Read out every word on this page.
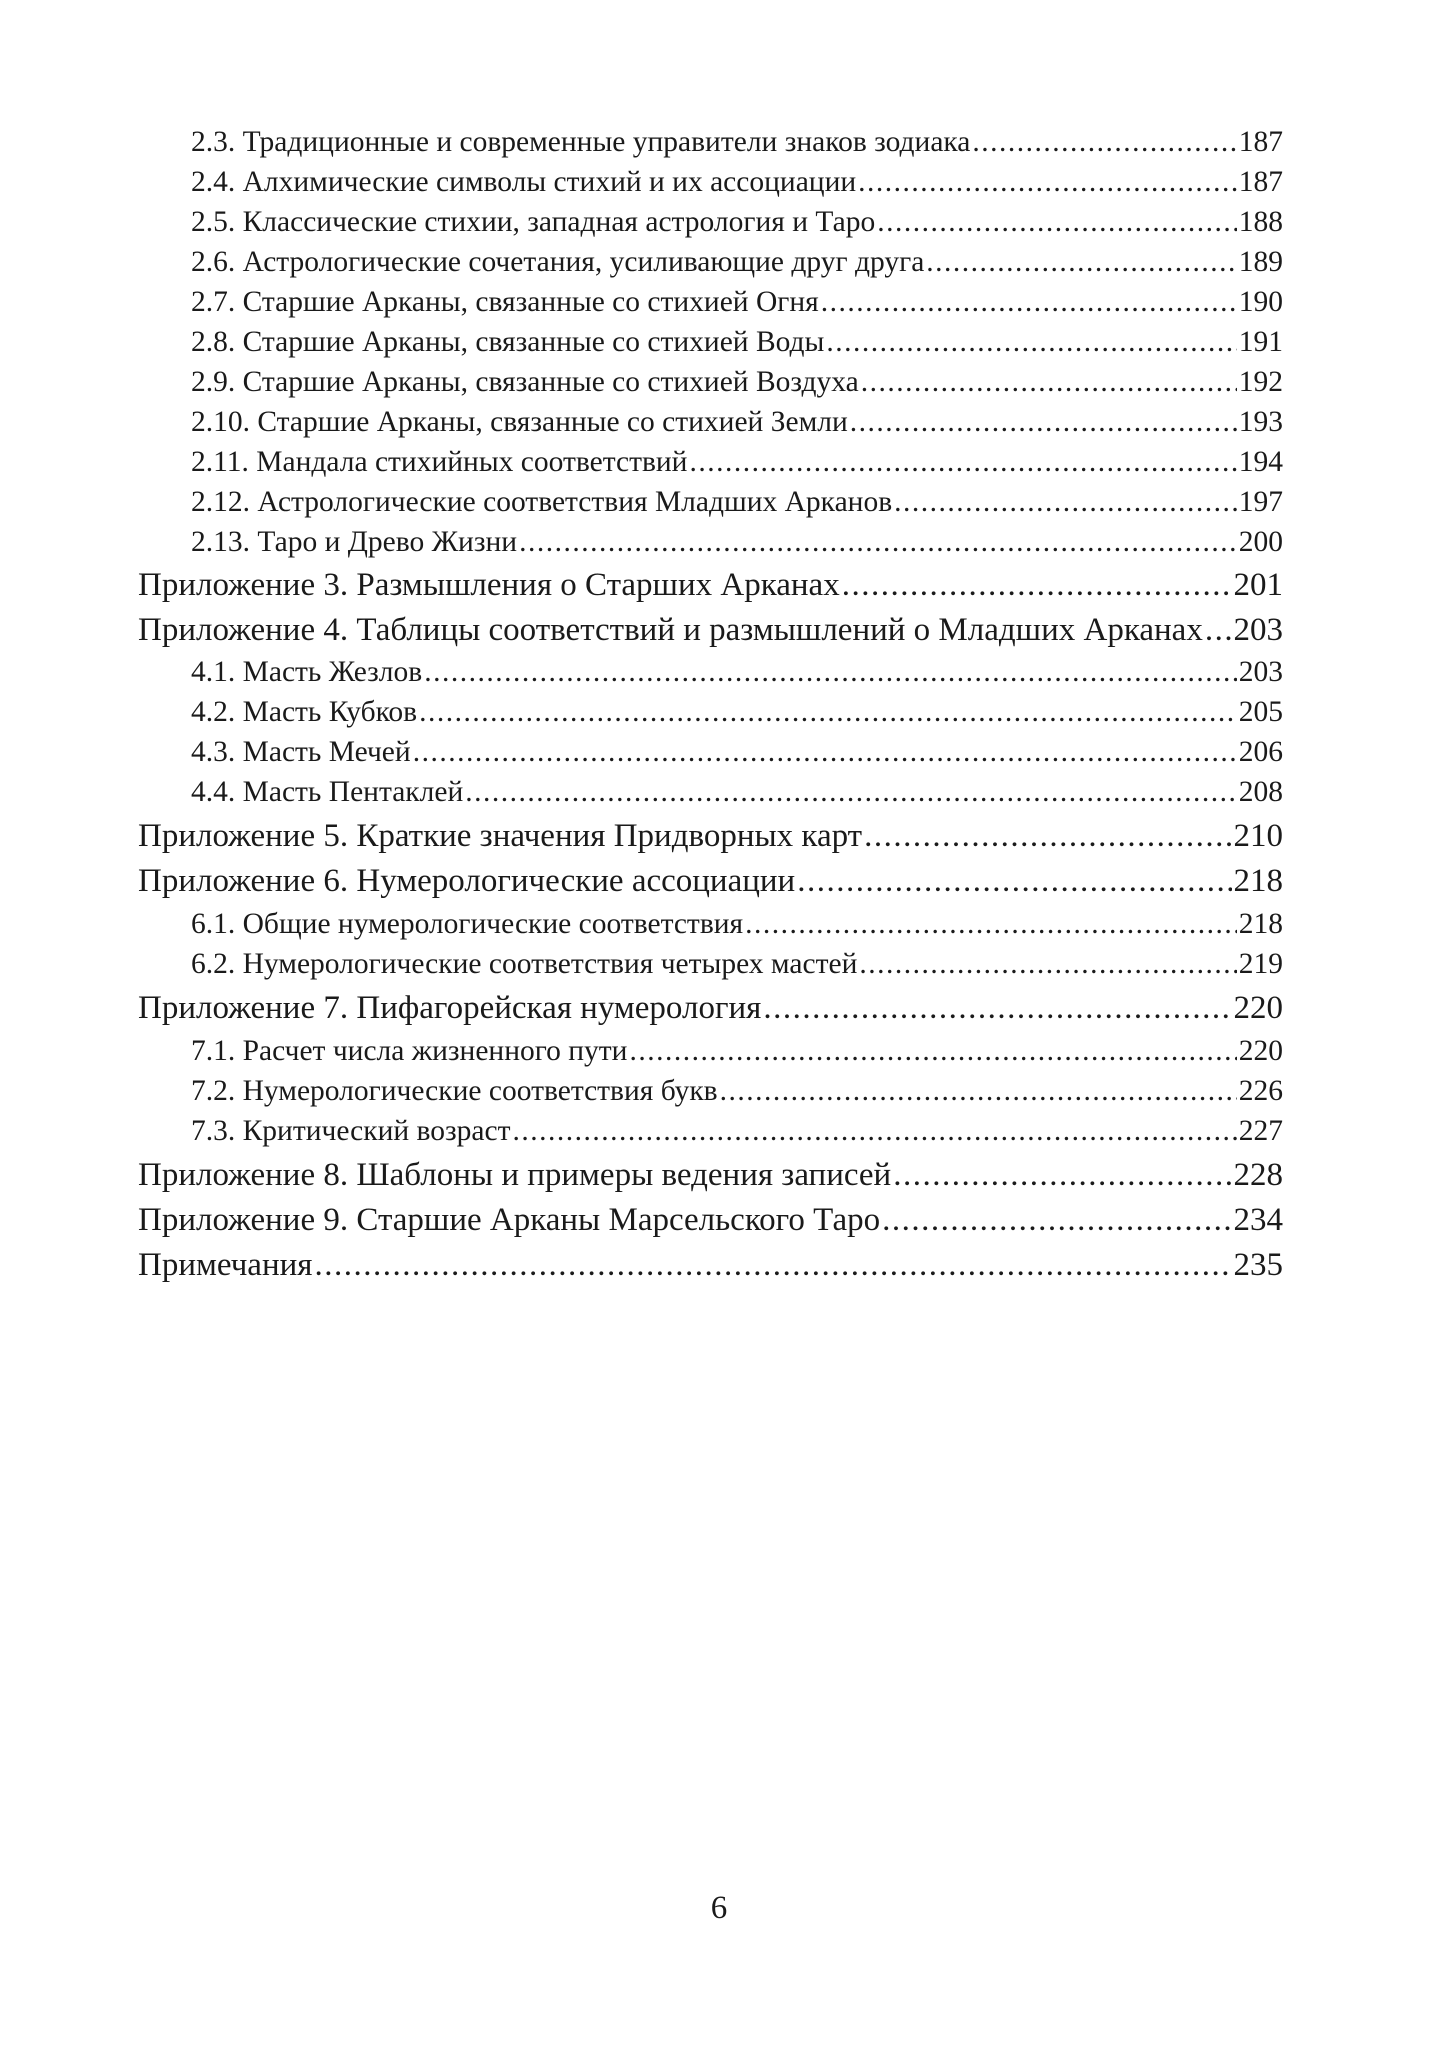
2.3. Традиционные и современные управители знаков зодиака .....	187
2.4. Алхимические символы стихий и их ассоциации .....	187
2.5. Классические стихии, западная астрология и Таро .....	188
2.6. Астрологические сочетания, усиливающие друг друга .....	189
2.7. Старшие Арканы, связанные со стихией Огня .....	190
2.8. Старшие Арканы, связанные со стихией Воды .....	191
2.9. Старшие Арканы, связанные со стихией Воздуха .....	192
2.10. Старшие Арканы, связанные со стихией Земли .....	193
2.11. Мандала стихийных соответствий .....	194
2.12. Астрологические соответствия Младших Арканов .....	197
2.13. Таро и Древо Жизни .....	200
Приложение 3. Размышления о Старших Арканах .....	201
Приложение 4. Таблицы соответствий и размышлений о Младших Арканах ..... 203
4.1. Масть Жезлов .....	203
4.2. Масть Кубков .....	205
4.3. Масть Мечей .....	206
4.4. Масть Пентаклей .....	208
Приложение 5. Краткие значения Придворных карт .....	210
Приложение 6. Нумерологические ассоциации .....	218
6.1. Общие нумерологические соответствия .....	218
6.2. Нумерологические соответствия четырех мастей .....	219
Приложение 7. Пифагорейская нумерология .....	220
7.1. Расчет числа жизненного пути .....	220
7.2. Нумерологические соответствия букв .....	226
7.3. Критический возраст .....	227
Приложение 8. Шаблоны и примеры ведения записей .....	228
Приложение 9. Старшие Арканы Марсельского Таро .....	234
Примечания .....	235
6
